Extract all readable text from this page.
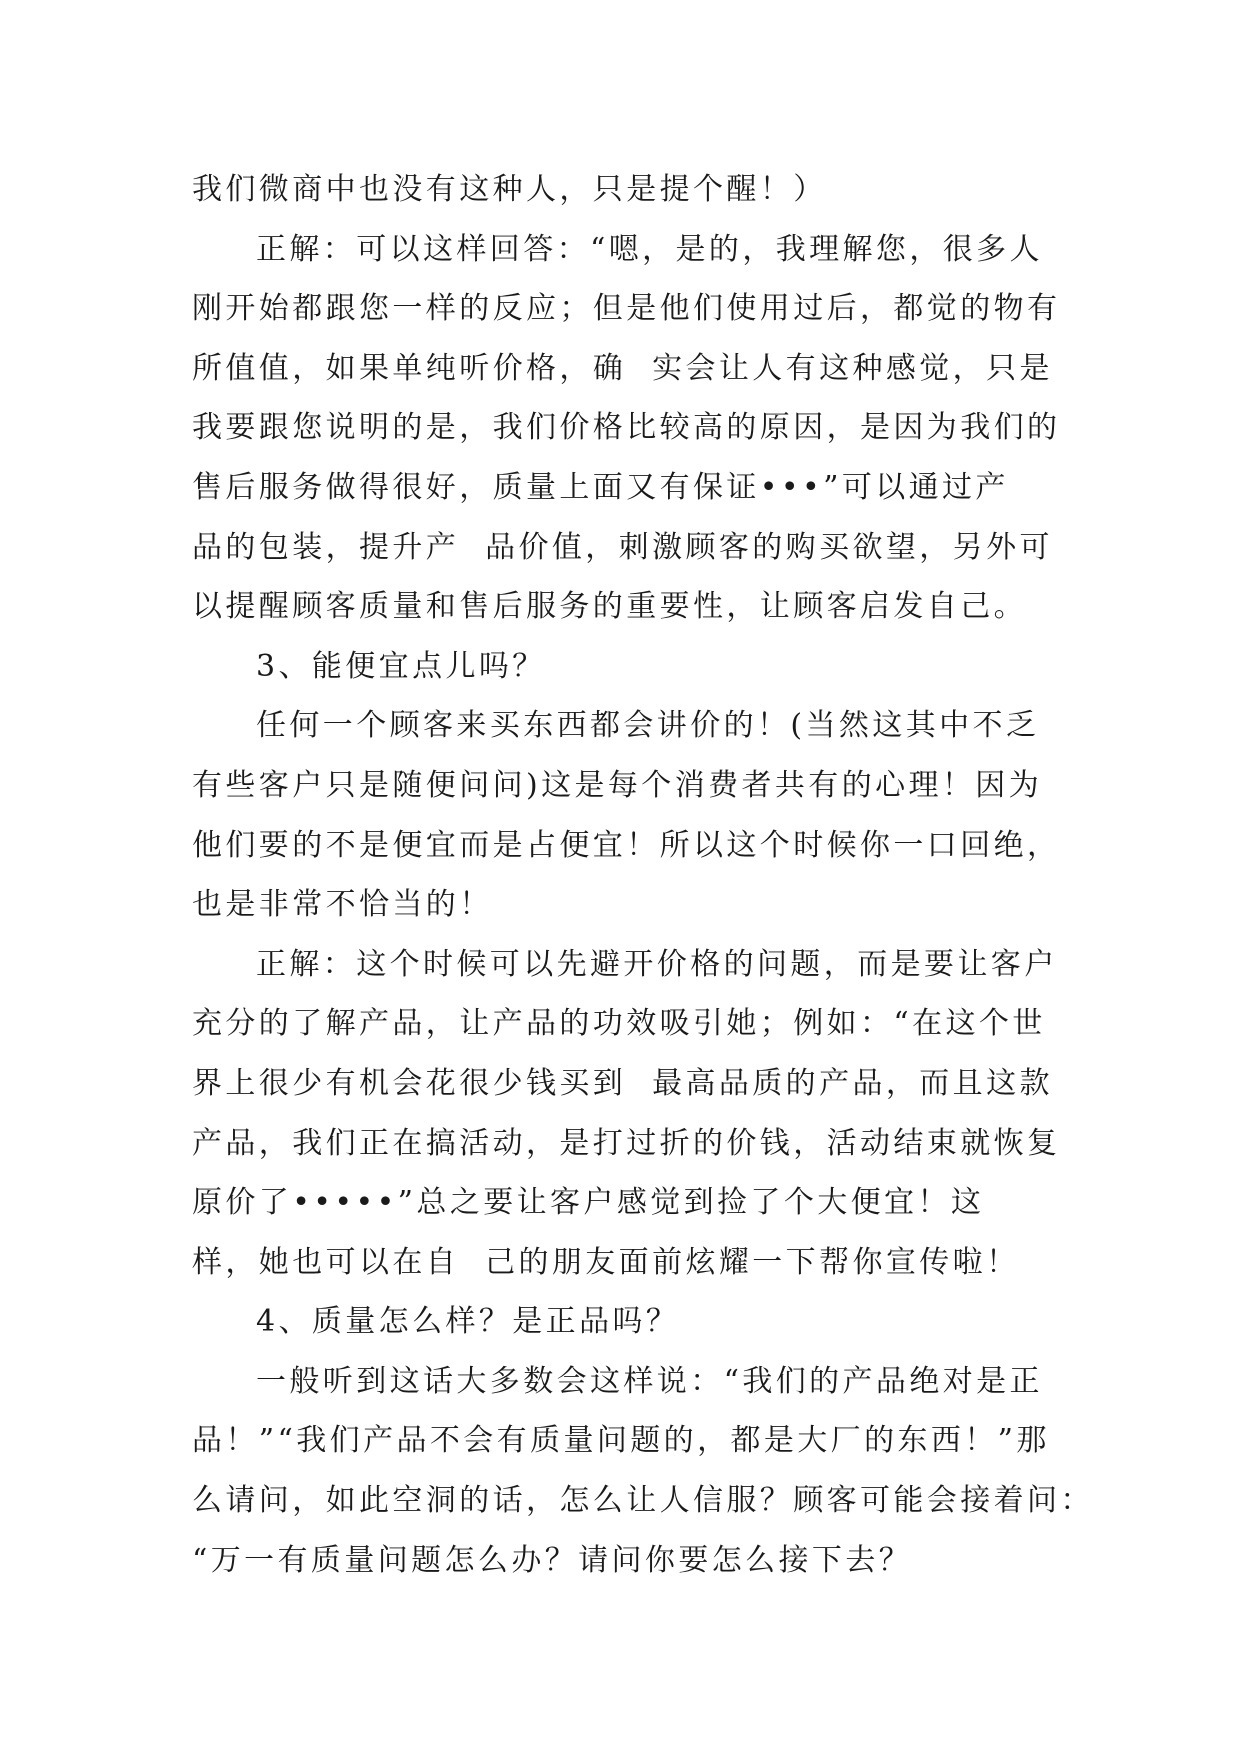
我们微商中也没有这种人，只是提个醒！）
正解：可以这样回答：“嗯，是的，我理解您，很多人
刚开始都跟您一样的反应；但是他们使用过后，都觉的物有
所值值，如果单纯听价格，确  实会让人有这种感觉，只是
我要跟您说明的是，我们价格比较高的原因，是因为我们的
售后服务做得很好，质量上面又有保证•••”可以通过产
品的包装，提升产  品价值，刺激顾客的购买欲望，另外可
以提醒顾客质量和售后服务的重要性，让顾客启发自己。
3、能便宜点儿吗？
任何一个顾客来买东西都会讲价的！(当然这其中不乏
有些客户只是随便问问)这是每个消费者共有的心理！因为
他们要的不是便宜而是占便宜！所以这个时候你一口回绝，
也是非常不恰当的！
正解：这个时候可以先避开价格的问题，而是要让客户
充分的了解产品，让产品的功效吸引她；例如：“在这个世
界上很少有机会花很少钱买到  最高品质的产品，而且这款
产品，我们正在搞活动，是打过折的价钱，活动结束就恢复
原价了•••••”总之要让客户感觉到捡了个大便宜！这
样，她也可以在自  己的朋友面前炫耀一下帮你宣传啦！
4、质量怎么样？是正品吗？
一般听到这话大多数会这样说：“我们的产品绝对是正
品！”“我们产品不会有质量问题的，都是大厂的东西！”那
么请问，如此空洞的话，怎么让人信服？顾客可能会接着问：
“万一有质量问题怎么办？请问你要怎么接下去？
